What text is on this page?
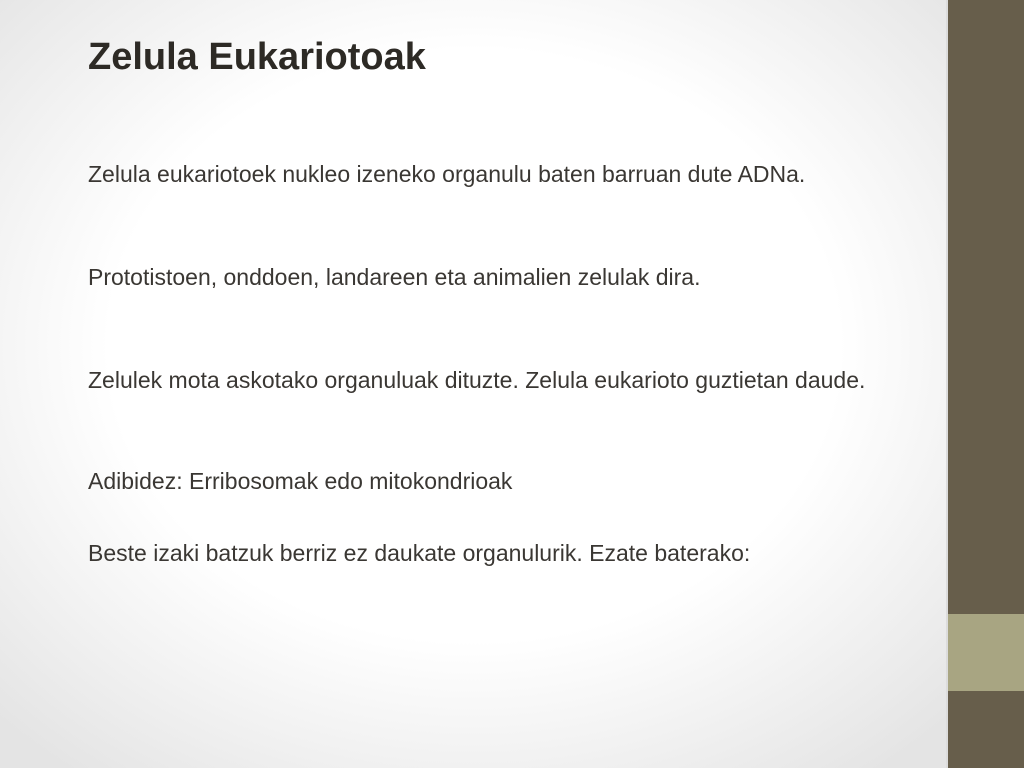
Zelula Eukariotoak

Zelula eukariotoek nukleo izeneko organulu baten barruan dute ADNa.

Prototistoen, onddoen, landareen eta animalien zelulak dira.

Zelulek mota askotako organuluak dituzte. Zelula eukarioto guztietan daude.

Adibidez: Erribosomak edo mitokondrioak

Beste izaki batzuk berriz ez daukate organulurik. Ezate baterako:
